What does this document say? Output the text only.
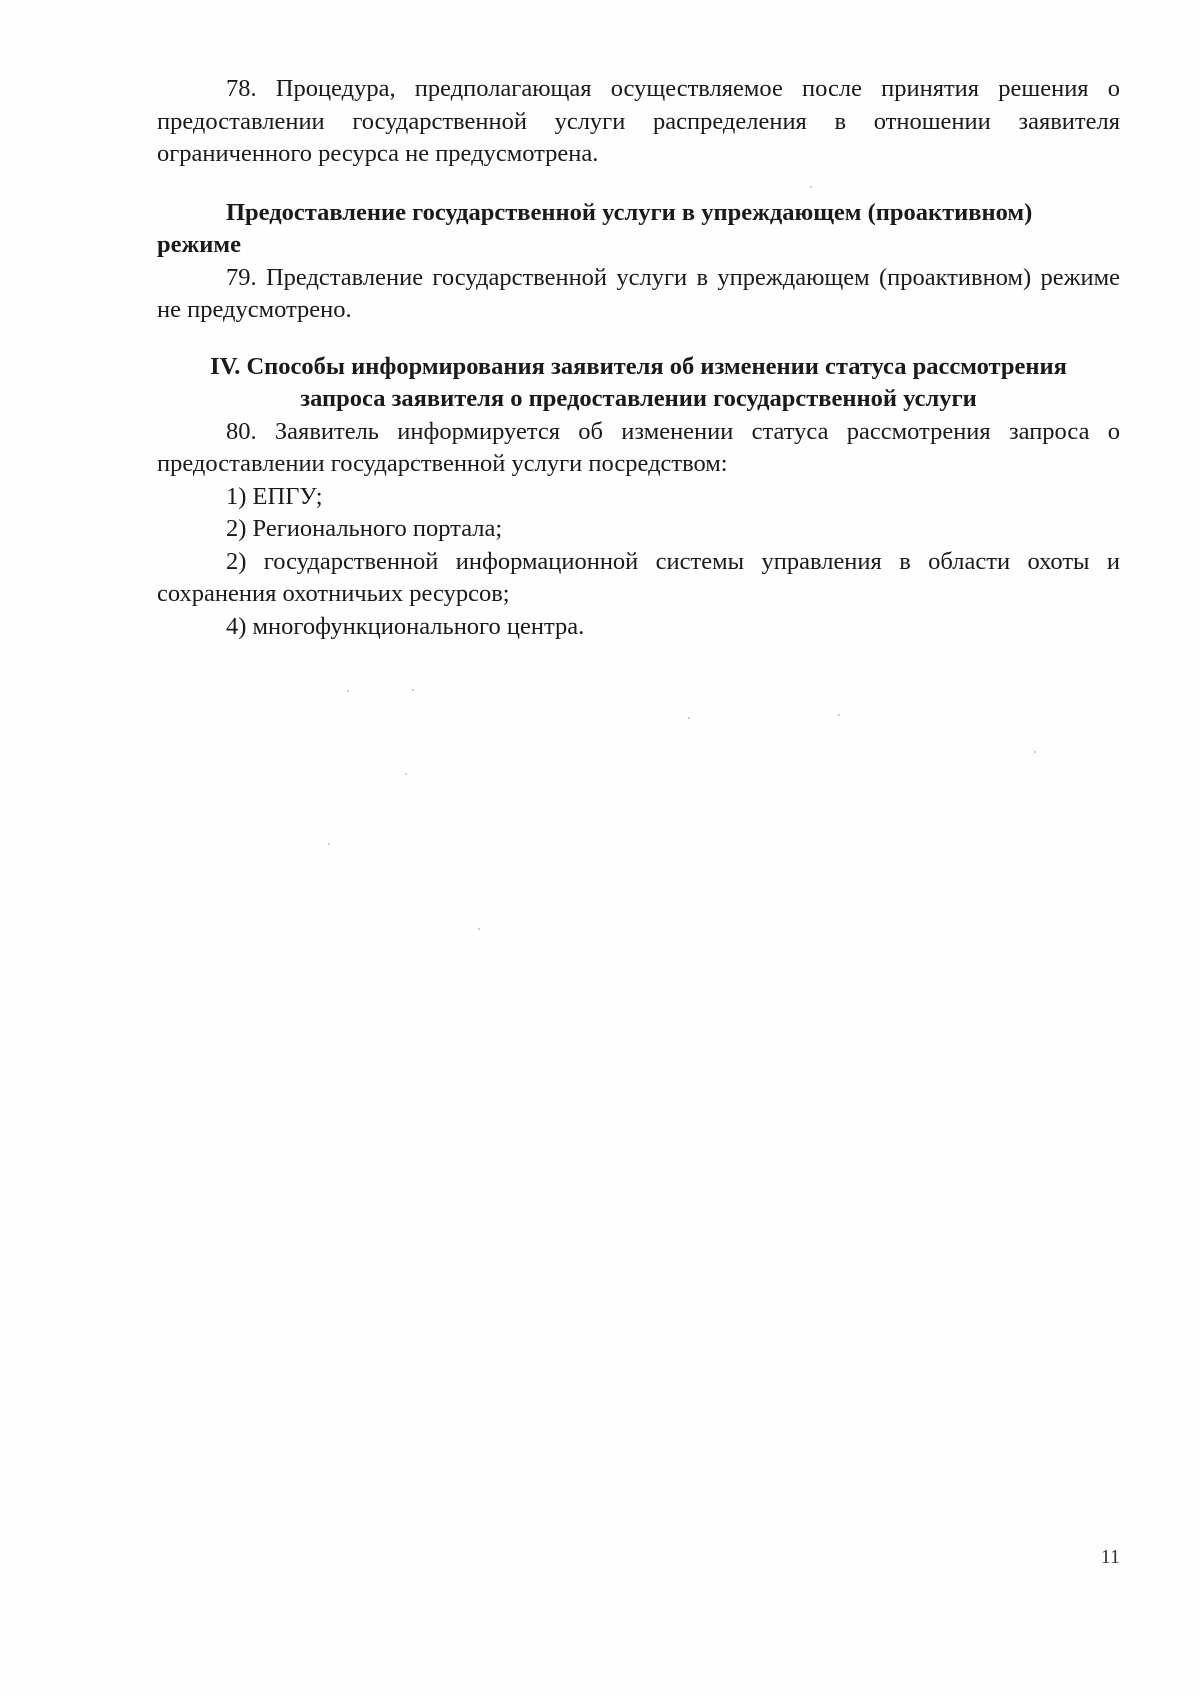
78. Процедура, предполагающая осуществляемое после принятия решения о предоставлении государственной услуги распределения в отношении заявителя ограниченного ресурса не предусмотрена.

Предоставление государственной услуги в упреждающем (проактивном)
режиме

79. Представление государственной услуги в упреждающем (проактивном) режиме не предусмотрено.

IV. Способы информирования заявителя об изменении статуса рассмотрения
запроса заявителя о предоставлении государственной услуги

80. Заявитель информируется об изменении статуса рассмотрения запроса о предоставлении государственной услуги посредством:

1) ЕПГУ;

2) Регионального портала;

2) государственной информационной системы управления в области охоты и сохранения охотничьих ресурсов;

4) многофункционального центра.

11
